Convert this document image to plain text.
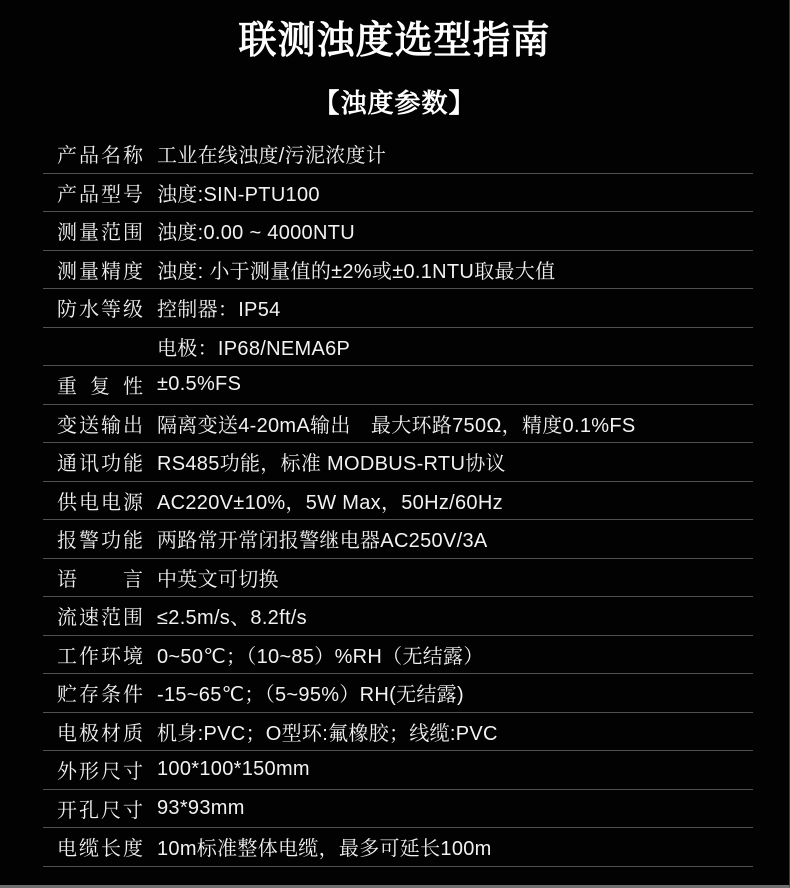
联测浊度选型指南
【浊度参数】
产品名称 工业在线浊度/污泥浓度计
产品型号 浊度:SIN-PTU100
测量范围 浊度:0.00 ~ 4000NTU
测量精度 浊度: 小于测量值的±2%或±0.1NTU取最大值
防水等级 控制器：IP54
电极：IP68/NEMA6P
重复性 ±0.5%FS
变送输出 隔离变送4-20mA输出　最大环路750Ω，精度0.1%FS
通讯功能 RS485功能，标准 MODBUS-RTU协议
供电电源 AC220V±10%，5W Max，50Hz/60Hz
报警功能 两路常开常闭报警继电器AC250V/3A
语言 中英文可切换
流速范围 ≤2.5m/s、8.2ft/s
工作环境 0~50℃；（10~85）%RH（无结露）
贮存条件 -15~65℃；（5~95%）RH(无结露)
电极材质 机身:PVC；O型环:氟橡胶；线缆:PVC
外形尺寸 100*100*150mm
开孔尺寸 93*93mm
电缆长度 10m标准整体电缆，最多可延长100m
